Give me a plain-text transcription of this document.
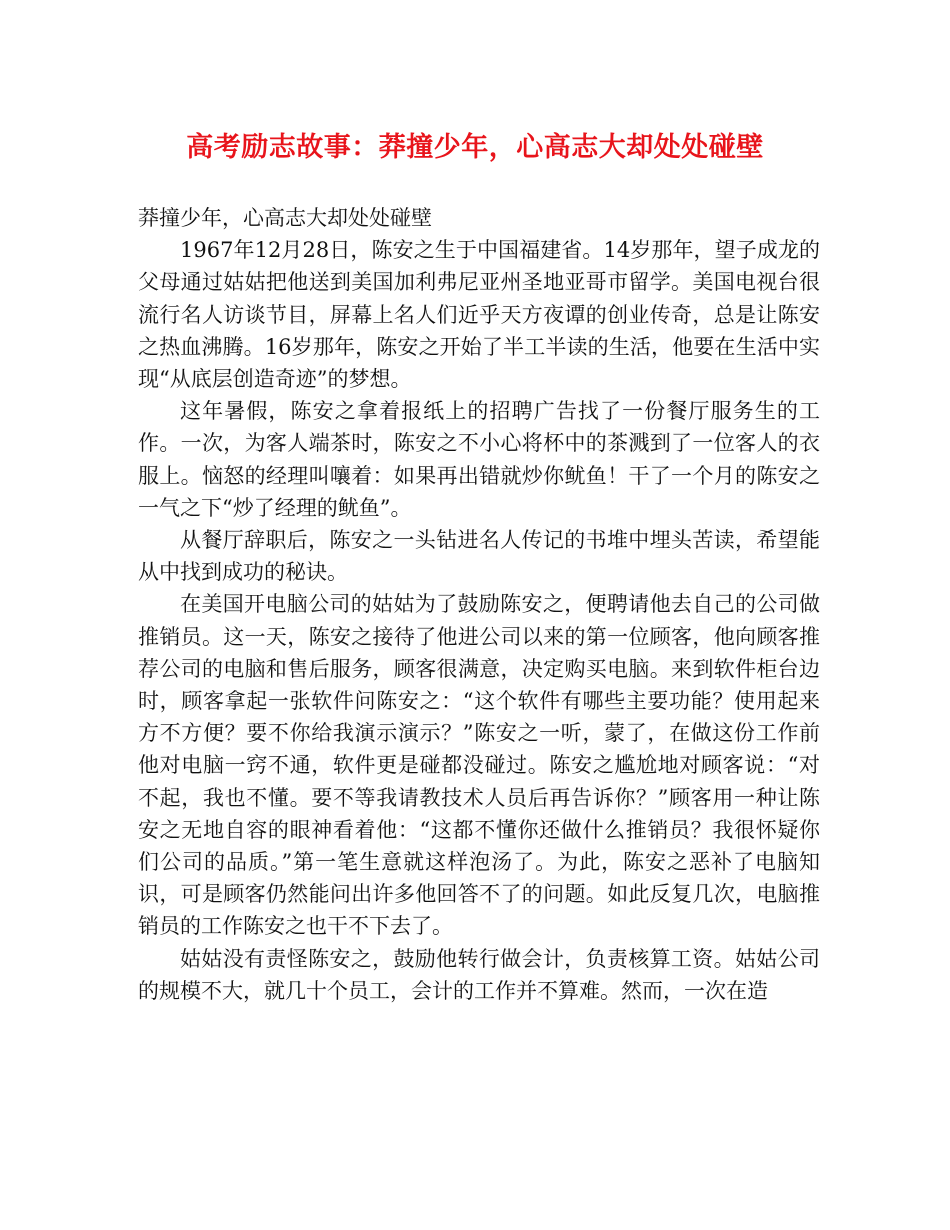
高考励志故事：莽撞少年，心高志大却处处碰壁

莽撞少年，心高志大却处处碰壁

1967年12月28日，陈安之生于中国福建省。14岁那年，望子成龙的父母通过姑姑把他送到美国加利弗尼亚州圣地亚哥市留学。美国电视台很流行名人访谈节目，屏幕上名人们近乎天方夜谭的创业传奇，总是让陈安之热血沸腾。16岁那年，陈安之开始了半工半读的生活，他要在生活中实现“从底层创造奇迹”的梦想。

这年暑假，陈安之拿着报纸上的招聘广告找了一份餐厅服务生的工作。一次，为客人端茶时，陈安之不小心将杯中的茶溅到了一位客人的衣服上。恼怒的经理叫嚷着：如果再出错就炒你鱿鱼！干了一个月的陈安之一气之下“炒了经理的鱿鱼”。

从餐厅辞职后，陈安之一头钻进名人传记的书堆中埋头苦读，希望能从中找到成功的秘诀。

在美国开电脑公司的姑姑为了鼓励陈安之，便聘请他去自己的公司做推销员。这一天，陈安之接待了他进公司以来的第一位顾客，他向顾客推荐公司的电脑和售后服务，顾客很满意，决定购买电脑。来到软件柜台边时，顾客拿起一张软件问陈安之：“这个软件有哪些主要功能？使用起来方不方便？要不你给我演示演示？”陈安之一听，蒙了，在做这份工作前他对电脑一窍不通，软件更是碰都没碰过。陈安之尴尬地对顾客说：“对不起，我也不懂。要不等我请教技术人员后再告诉你？”顾客用一种让陈安之无地自容的眼神看着他：“这都不懂你还做什么推销员？我很怀疑你们公司的品质。”第一笔生意就这样泡汤了。为此，陈安之恶补了电脑知识，可是顾客仍然能问出许多他回答不了的问题。如此反复几次，电脑推销员的工作陈安之也干不下去了。

姑姑没有责怪陈安之，鼓励他转行做会计，负责核算工资。姑姑公司的规模不大，就几十个员工，会计的工作并不算难。然而，一次在造
